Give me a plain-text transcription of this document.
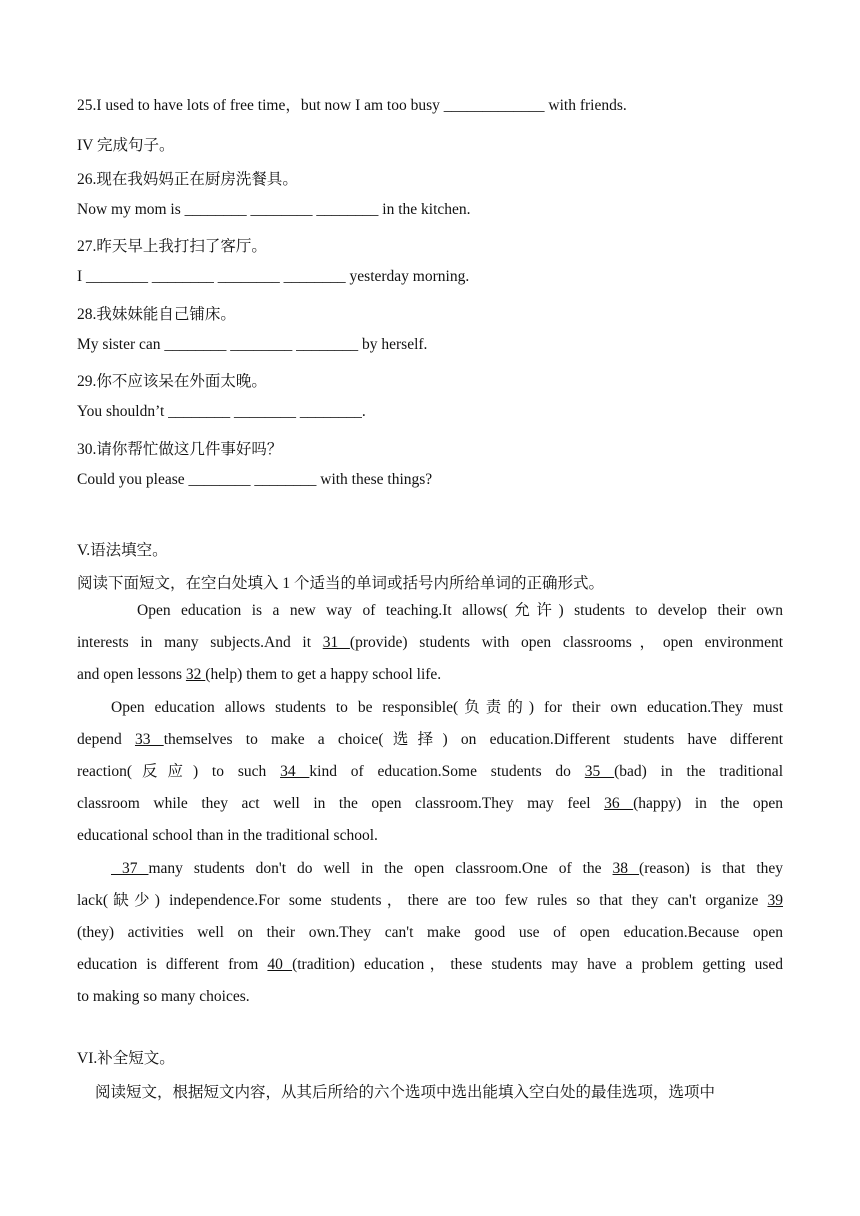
25.I used to have lots of free time，but now I am too busy _____________ with friends.
IV 完成句子。
26.现在我妈妈正在厨房洗餐具。
Now my mom is ________ ________ ________ in the kitchen.
27.昨天早上我打扫了客厅。
I ________ ________ ________ ________ yesterday morning.
28.我妹妹能自己铺床。
My sister can ________ ________ ________ by herself.
29.你不应该呆在外面太晚。
You shouldn’t ________ ________ ________.
30.请你帮忙做这几件事好吗？
Could you please ________ ________ with these things?
V.语法填空。
阅读下面短文，在空白处填入 1 个适当的单词或括号内所给单词的正确形式。
Open education is a new way of teaching.It allows(允许) students to develop their own
interests in many subjects.And it 31 (provide) students with open classrooms，open environment
and open lessons 32 (help) them to get a happy school life.
Open education allows students to be responsible(负责的) for their own education.They must
depend 33 themselves to make a choice(选择) on education.Different students have different
reaction(反应) to such 34 kind of education.Some students do 35 (bad) in the traditional
classroom while they act well in the open classroom.They may feel 36 (happy) in the open
educational school than in the traditional school.
37 many students don't do well in the open classroom.One of the 38 (reason) is that they
lack(缺少) independence.For some students，there are too few rules so that they can't organize 39
(they) activities well on their own.They can't make good use of open education.Because open
education is different from 40 (tradition) education，these students may have a problem getting used
to making so many choices.
VI.补全短文。
阅读短文，根据短文内容，从其后所给的六个选项中选出能填入空白处的最佳选项，选项中
